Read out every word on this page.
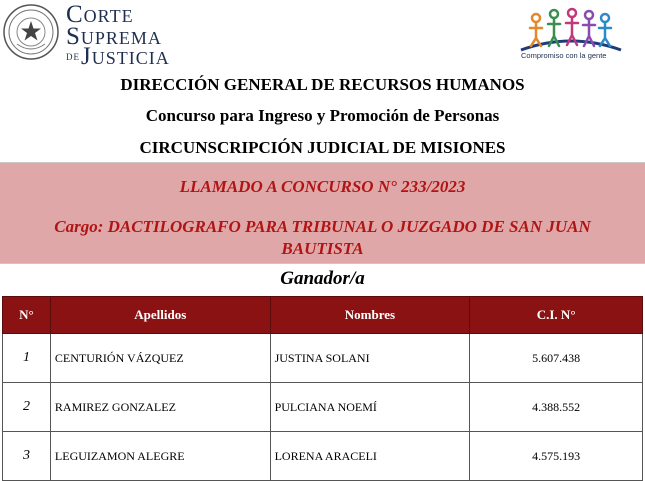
Corte
Suprema
deJusticia	Compromiso con la gente
DIRECCIÓN GENERAL DE RECURSOS HUMANOS
Concurso para Ingreso y Promoción de Personas
CIRCUNSCRIPCIÓN JUDICIAL DE MISIONES
LLAMADO A CONCURSO N° 233/2023
Cargo: DACTILOGRAFO PARA TRIBUNAL O JUZGADO DE SAN JUAN
BAUTISTA
Ganador/a
N°	Apellidos	Nombres	C.I. N°
1	CENTURIÓN VÁZQUEZ	JUSTINA SOLANI	5.607.438
2	RAMIREZ GONZALEZ	PULCIANA NOEMÍ	4.388.552
3	LEGUIZAMON ALEGRE	LORENA ARACELI	4.575.193
